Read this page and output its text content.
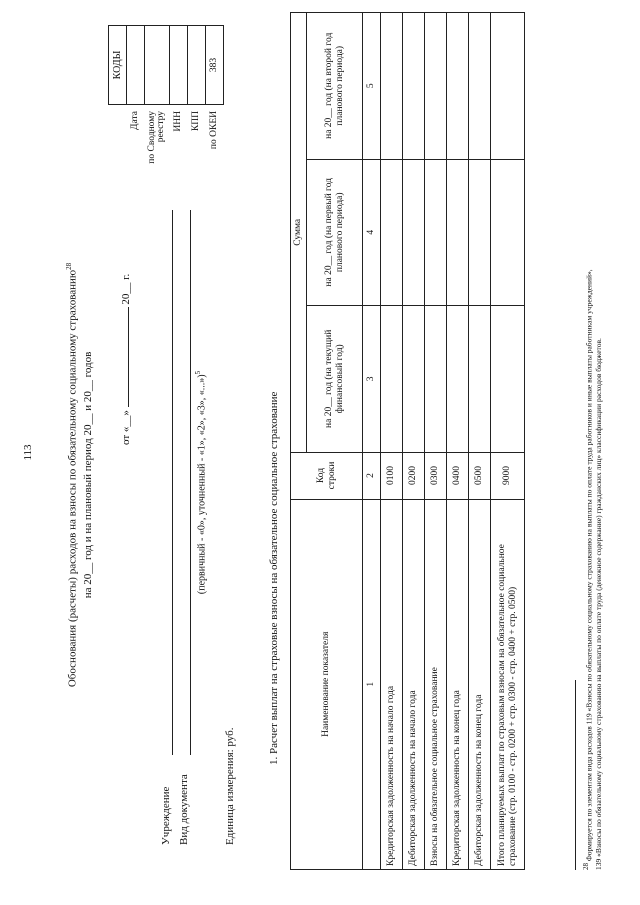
113	Обоснования (расчеты) расходов на взносы по обязательному социальному страхованию$^{28}$
на 20__ год и на плановый период 20__ и 20__ годов от «__»  20__ г.
	КОДЫ
Дата	
по Сводному реестру	
ИНН	
КПП	
по ОКЕИ	383
Учреждение Вид документа
(первичный - «0», уточненный - «1», «2», «3», «...»)$^5$
Единица измерения: руб.
1. Расчет выплат на страховые взносы на обязательное социальное страхование	Наименование показателя	Код строки	Сумма		
		на 20__ год (на текущий финансовый год)	на 20__ год (на первый год планового периода)	на 20__ год (на второй год планового периода)
1	2	3	4	5
Кредиторская задолженность на начало года	0100			
Дебиторская задолженность на начало года	0200			
Взносы на обязательное социальное страхование	0300			
Кредиторская задолженность на конец года	0400			
Дебиторская задолженность на конец года	0500			
Итого планируемых выплат по страховым взносам на обязательное социальное страхование (стр. 0100 - стр. 0200 + стр. 0300 - стр. 0400 + стр. 0500)	9000			
$^{28}$ Формируется по элементам вида расходов 119 «Взносы по обязательному социальному страхованию на выплаты по оплате труда работников и иные выплаты работникам учреждений», 139 «Взносы по обязательному социальному страхованию на выплаты по оплате труда (денежное содержание) гражданских лиц» классификации расходов бюджетов.
